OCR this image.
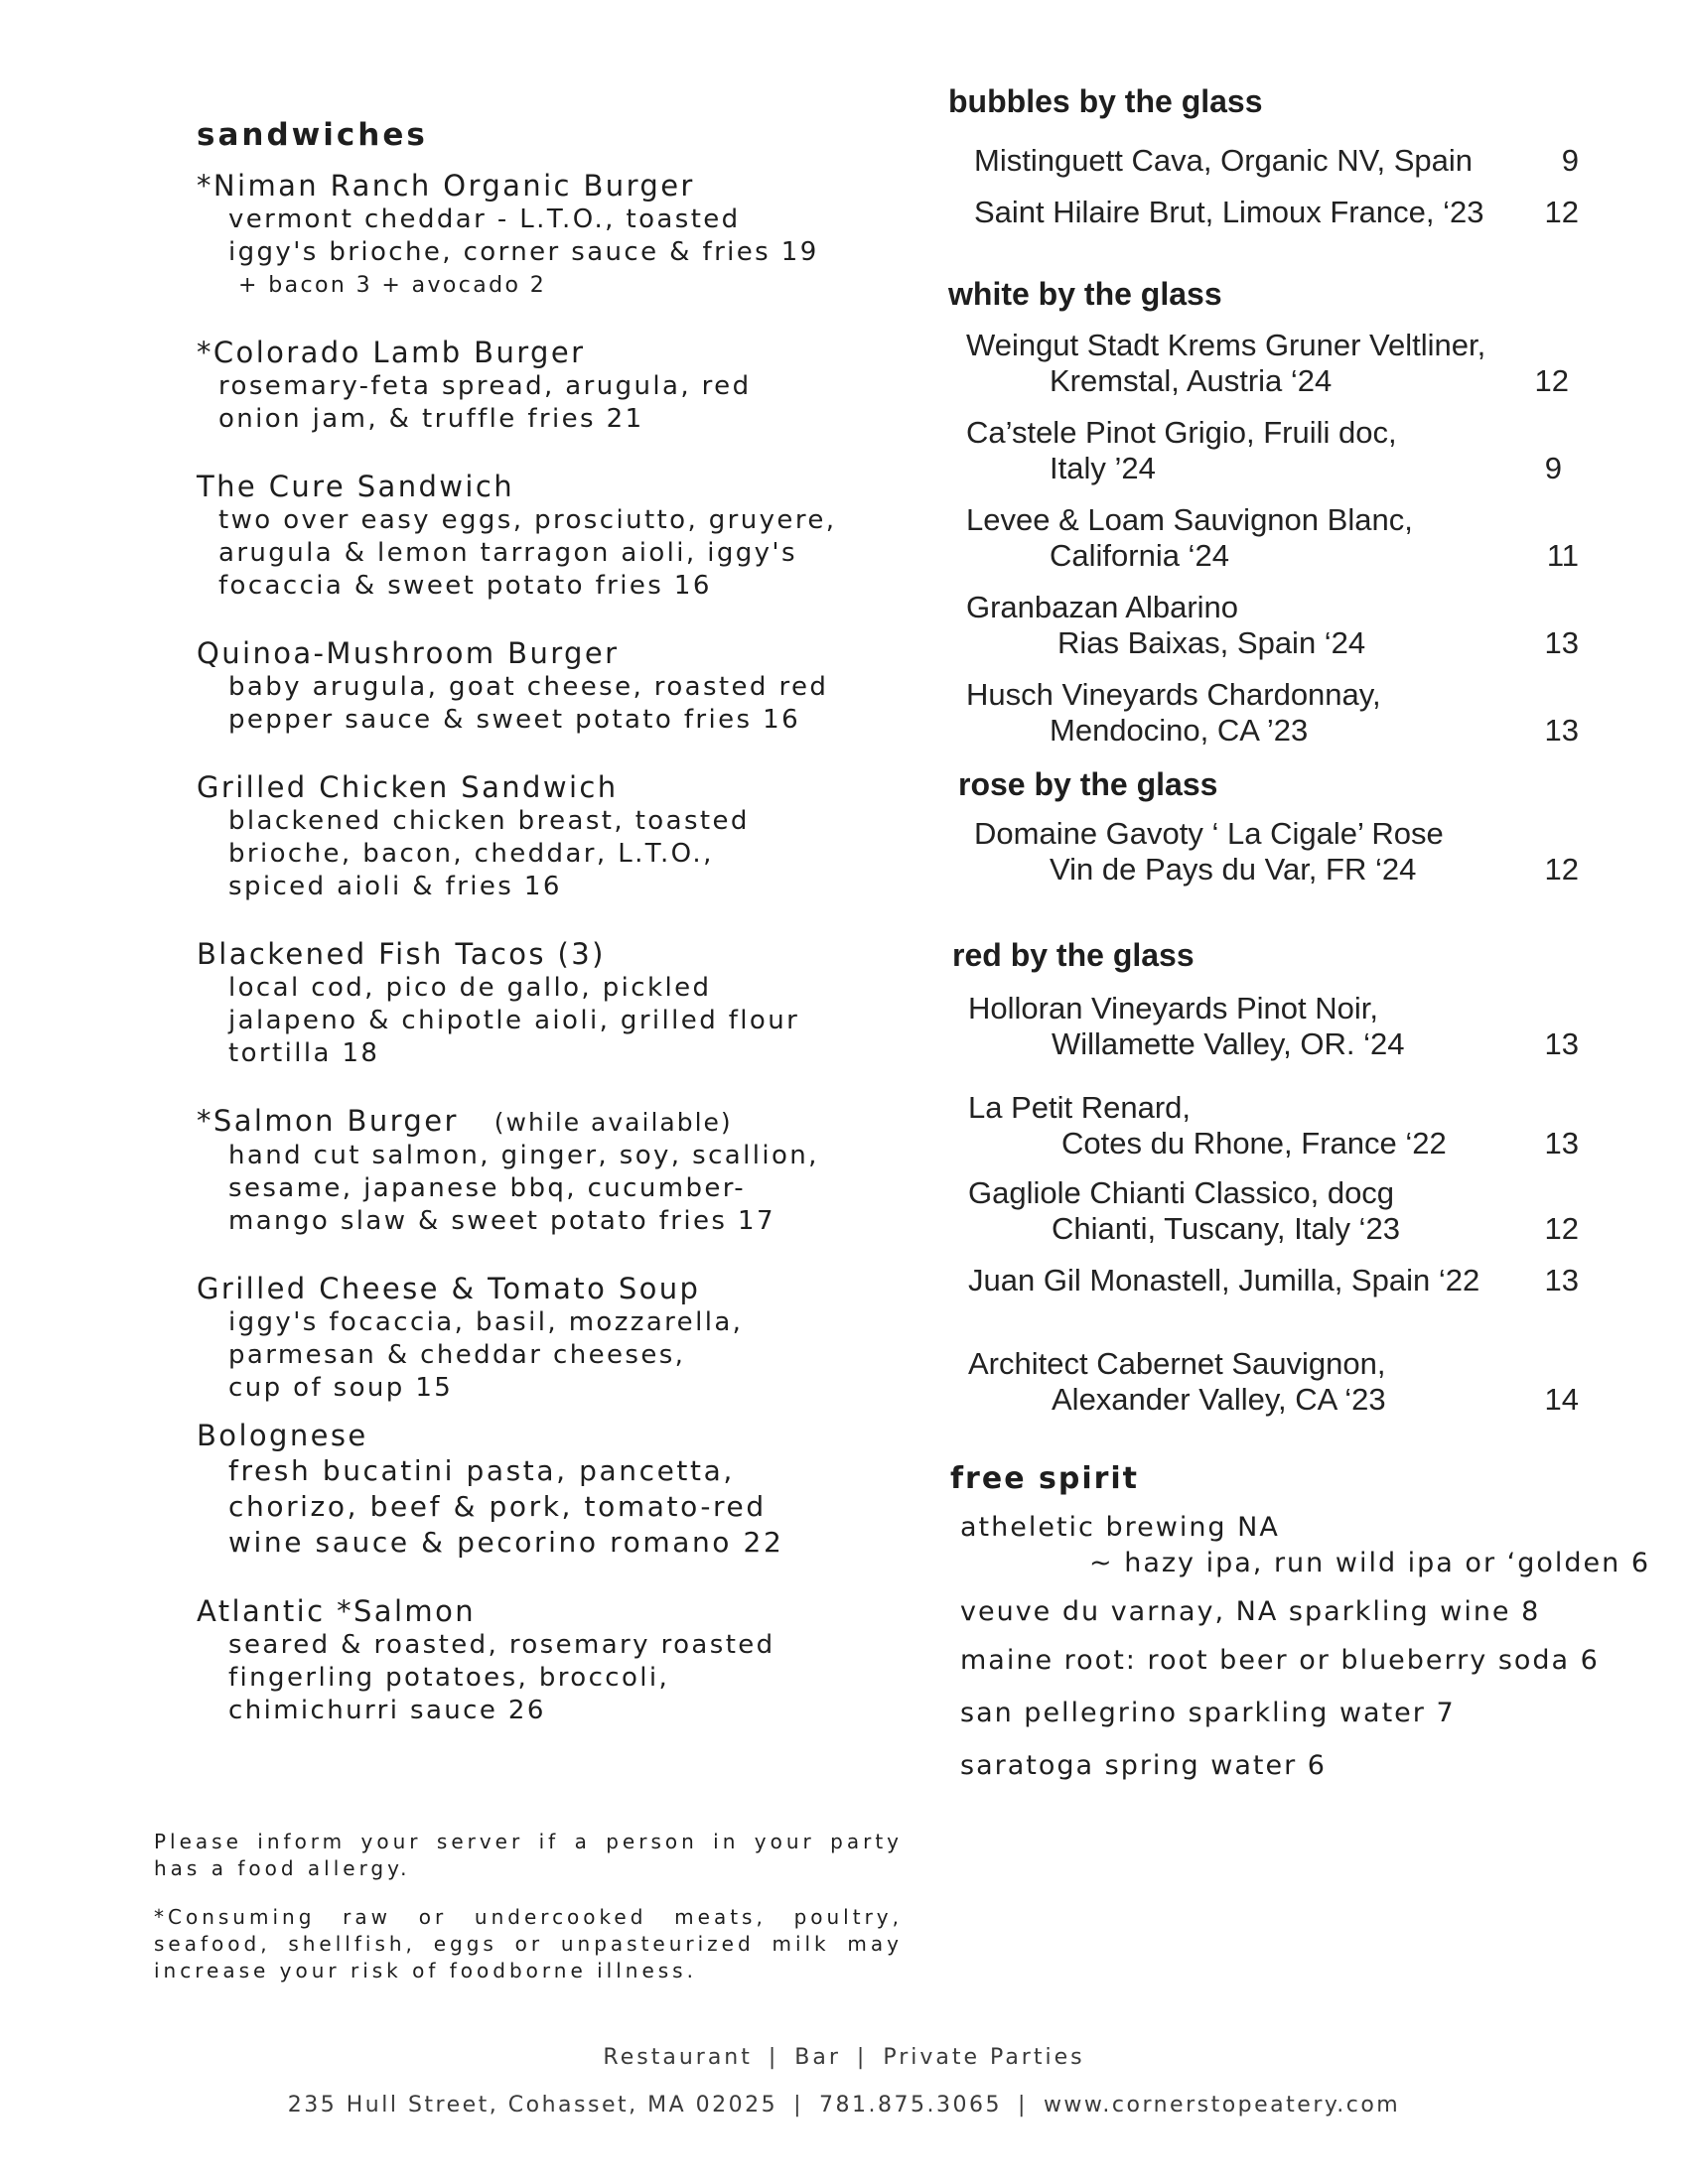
sandwiches
*Niman Ranch Organic Burger
vermont cheddar - L.T.O., toasted
iggy's brioche, corner sauce & fries 19
+ bacon 3 + avocado 2
*Colorado Lamb Burger
rosemary-feta spread, arugula, red
onion jam, & truffle fries 21
The Cure Sandwich
two over easy eggs, prosciutto, gruyere,
arugula & lemon tarragon aioli, iggy's
focaccia & sweet potato fries 16
Quinoa-Mushroom Burger
baby arugula, goat cheese, roasted red
pepper sauce & sweet potato fries 16
Grilled Chicken Sandwich
blackened chicken breast, toasted
brioche, bacon, cheddar, L.T.O.,
spiced aioli & fries 16
Blackened Fish Tacos (3)
local cod, pico de gallo, pickled
jalapeno & chipotle aioli, grilled flour
tortilla 18
*Salmon Burger (while available)
hand cut salmon, ginger, soy, scallion,
sesame, japanese bbq, cucumber-
mango slaw & sweet potato fries 17
Grilled Cheese & Tomato Soup
iggy's focaccia, basil, mozzarella,
parmesan & cheddar cheeses,
cup of soup 15
Bolognese
fresh bucatini pasta, pancetta,
chorizo, beef & pork, tomato-red
wine sauce & pecorino romano 22
Atlantic *Salmon
seared & roasted, rosemary roasted
fingerling potatoes, broccoli,
chimichurri sauce 26

Please inform your server if a person in your party has a food allergy.

*Consuming raw or undercooked meats, poultry, seafood, shellfish, eggs or unpasteurized milk may increase your risk of foodborne illness.

bubbles by the glass
Mistinguett Cava, Organic NV, Spain	9
Saint Hilaire Brut, Limoux France, ‘23	12
white by the glass
Weingut Stadt Krems Gruner Veltliner,
Kremstal, Austria ‘24	12
Ca’stele Pinot Grigio, Fruili doc,
Italy ’24	9
Levee & Loam Sauvignon Blanc,
California ‘24	11
Granbazan Albarino
Rias Baixas, Spain ‘24	13
Husch Vineyards Chardonnay,
Mendocino, CA ’23	13
rose by the glass
Domaine Gavoty ‘ La Cigale’ Rose
Vin de Pays du Var, FR ‘24	12
red by the glass
Holloran Vineyards Pinot Noir,
Willamette Valley, OR. ‘24	13
La Petit Renard,
Cotes du Rhone, France ‘22	13
Gagliole Chianti Classico, docg
Chianti, Tuscany, Italy ‘23	12
Juan Gil Monastell, Jumilla, Spain ‘22	13
Architect Cabernet Sauvignon,
Alexander Valley, CA ‘23	14
free spirit
atheletic brewing NA
~ hazy ipa, run wild ipa or ‘golden 6
veuve du varnay, NA sparkling wine 8
maine root: root beer or blueberry soda 6
san pellegrino sparkling water 7
saratoga spring water 6
Restaurant | Bar | Private Parties
235 Hull Street, Cohasset, MA 02025 | 781.875.3065 | www.cornerstopeatery.com
